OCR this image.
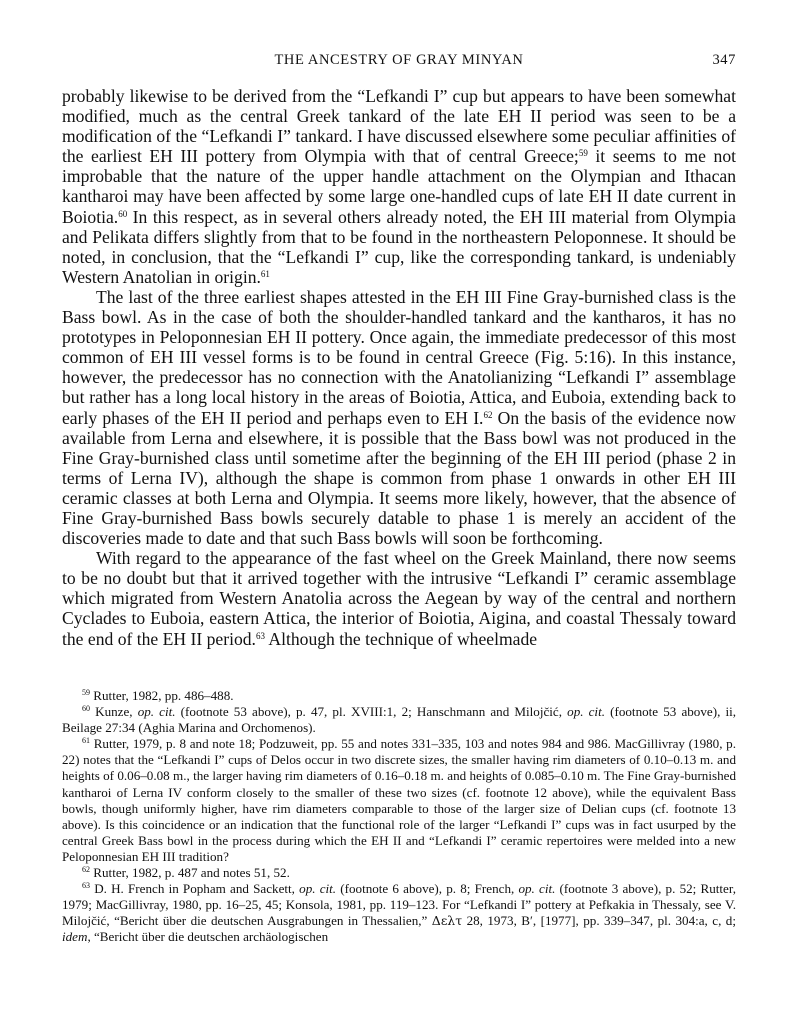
THE ANCESTRY OF GRAY MINYAN	347

probably likewise to be derived from the “Lefkandi I” cup but appears to have been somewhat modified, much as the central Greek tankard of the late EH II period was seen to be a modification of the “Lefkandi I” tankard. I have discussed elsewhere some peculiar affinities of the earliest EH III pottery from Olympia with that of central Greece;$^{59}$ it seems to me not improbable that the nature of the upper handle attachment on the Olympian and Ithacan kantharoi may have been affected by some large one-handled cups of late EH II date current in Boiotia.$^{60}$ In this respect, as in several others already noted, the EH III material from Olympia and Pelikata differs slightly from that to be found in the northeastern Peloponnese. It should be noted, in conclusion, that the “Lefkandi I” cup, like the corresponding tankard, is undeniably Western Anatolian in origin.$^{61}$

The last of the three earliest shapes attested in the EH III Fine Gray-burnished class is the Bass bowl. As in the case of both the shoulder-handled tankard and the kantharos, it has no prototypes in Peloponnesian EH II pottery. Once again, the immediate predecessor of this most common of EH III vessel forms is to be found in central Greece (Fig. 5:16). In this instance, however, the predecessor has no connection with the Anatolianizing “Lefkandi I” assemblage but rather has a long local history in the areas of Boiotia, Attica, and Euboia, extending back to early phases of the EH II period and perhaps even to EH I.$^{62}$ On the basis of the evidence now available from Lerna and elsewhere, it is possible that the Bass bowl was not produced in the Fine Gray-burnished class until sometime after the beginning of the EH III period (phase 2 in terms of Lerna IV), although the shape is common from phase 1 onwards in other EH III ceramic classes at both Lerna and Olympia. It seems more likely, however, that the absence of Fine Gray-burnished Bass bowls securely datable to phase 1 is merely an accident of the discoveries made to date and that such Bass bowls will soon be forthcoming.

With regard to the appearance of the fast wheel on the Greek Mainland, there now seems to be no doubt but that it arrived together with the intrusive “Lefkandi I” ceramic assemblage which migrated from Western Anatolia across the Aegean by way of the central and northern Cyclades to Euboia, eastern Attica, the interior of Boiotia, Aigina, and coastal Thessaly toward the end of the EH II period.$^{63}$ Although the technique of wheelmade

$^{59}$ Rutter, 1982, pp. 486–488.

$^{60}$ Kunze, op. cit. (footnote 53 above), p. 47, pl. XVIII:1, 2; Hanschmann and Milojčić, op. cit. (footnote 53 above), ii, Beilage 27:34 (Aghia Marina and Orchomenos).

$^{61}$ Rutter, 1979, p. 8 and note 18; Podzuweit, pp. 55 and notes 331–335, 103 and notes 984 and 986. MacGillivray (1980, p. 22) notes that the “Lefkandi I” cups of Delos occur in two discrete sizes, the smaller having rim diameters of 0.10–0.13 m. and heights of 0.06–0.08 m., the larger having rim diameters of 0.16–0.18 m. and heights of 0.085–0.10 m. The Fine Gray-burnished kantharoi of Lerna IV conform closely to the smaller of these two sizes (cf. footnote 12 above), while the equivalent Bass bowls, though uniformly higher, have rim diameters comparable to those of the larger size of Delian cups (cf. footnote 13 above). Is this coincidence or an indication that the functional role of the larger “Lefkandi I” cups was in fact usurped by the central Greek Bass bowl in the process during which the EH II and “Lefkandi I” ceramic repertoires were melded into a new Peloponnesian EH III tradition?

$^{62}$ Rutter, 1982, p. 487 and notes 51, 52.

$^{63}$ D. H. French in Popham and Sackett, op. cit. (footnote 6 above), p. 8; French, op. cit. (footnote 3 above), p. 52; Rutter, 1979; MacGillivray, 1980, pp. 16–25, 45; Konsola, 1981, pp. 119–123. For “Lefkandi I” pottery at Pefkakia in Thessaly, see V. Milojčić, “Bericht über die deutschen Ausgrabungen in Thessalien,” Δελτ 28, 1973, B′, [1977], pp. 339–347, pl. 304:a, c, d; idem, “Bericht über die deutschen archäologischen
